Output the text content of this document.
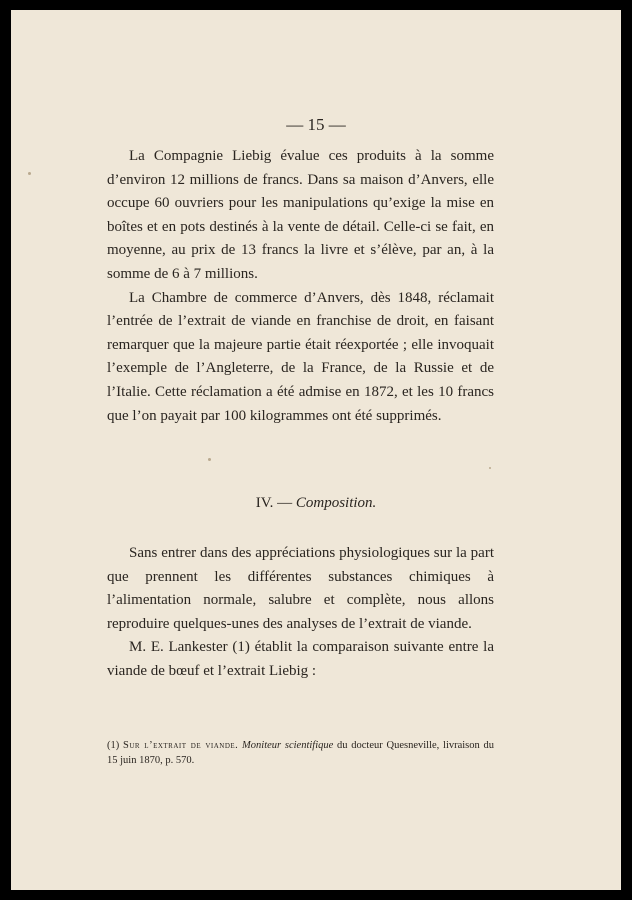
— 15 —

La Compagnie Liebig évalue ces produits à la somme d’environ 12 millions de francs. Dans sa maison d’Anvers, elle occupe 60 ouvriers pour les manipulations qu’exige la mise en boîtes et en pots destinés à la vente de détail. Celle-ci se fait, en moyenne, au prix de 13 francs la livre et s’élève, par an, à la somme de 6 à 7 millions.

La Chambre de commerce d’Anvers, dès 1848, réclamait l’entrée de l’extrait de viande en franchise de droit, en faisant remarquer que la majeure partie était réexportée ; elle invoquait l’exemple de l’Angleterre, de la France, de la Russie et de l’Italie. Cette réclamation a été admise en 1872, et les 10 francs que l’on payait par 100 kilogrammes ont été supprimés.

IV. — Composition.

Sans entrer dans des appréciations physiologiques sur la part que prennent les différentes substances chimiques à l’alimentation normale, salubre et complète, nous allons reproduire quelques-unes des analyses de l’extrait de viande.

M. E. Lankester (1) établit la comparaison suivante entre la viande de bœuf et l’extrait Liebig :

(1) Sur l’extrait de viande. Moniteur scientifique du docteur Quesneville, livraison du 15 juin 1870, p. 570.
